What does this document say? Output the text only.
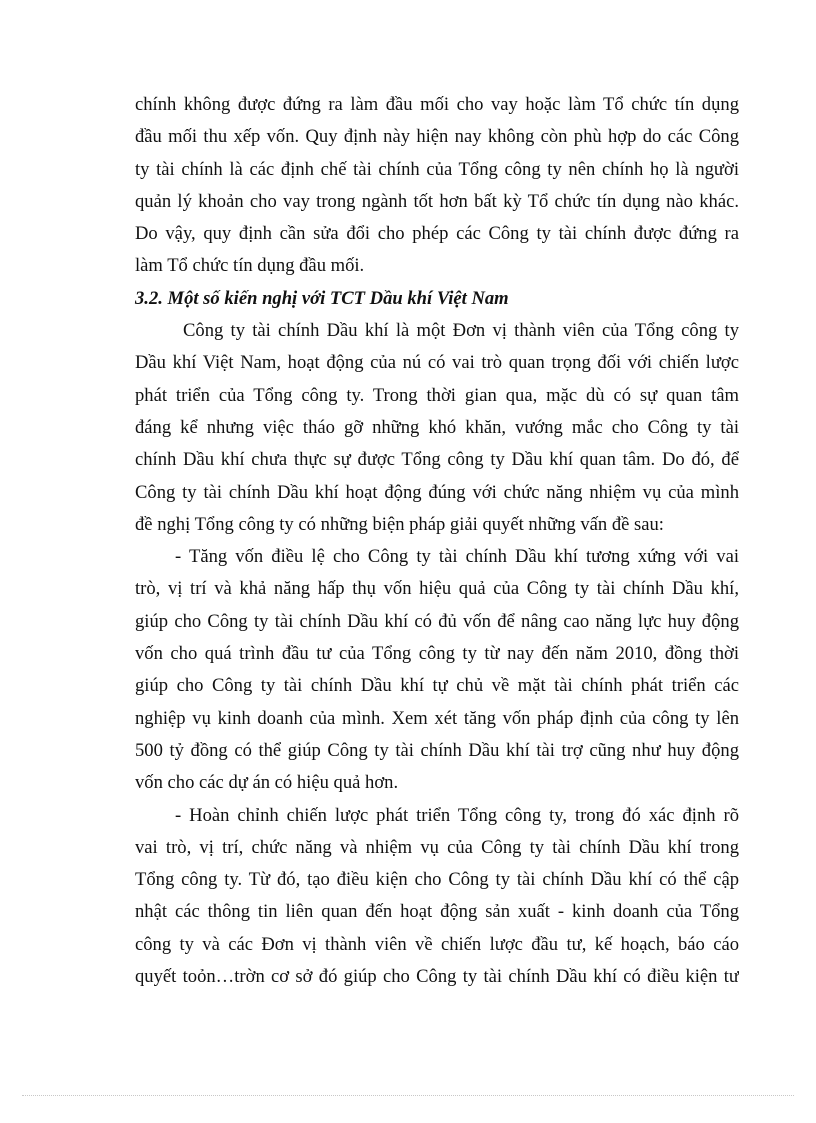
chính không được đứng ra làm đầu mối cho vay hoặc làm Tổ chức tín dụng
đầu mối thu xếp vốn. Quy định này hiện nay không còn phù hợp do các Công
ty tài chính là các định chế tài chính của Tổng công ty nên chính họ là người
quản lý khoản cho vay trong ngành tốt hơn bất kỳ Tổ chức tín dụng nào khác.
Do vậy, quy định cần sửa đổi cho phép các Công ty tài chính được đứng ra
làm Tổ chức tín dụng đầu mối.
3.2. Một số kiến nghị với TCT Dầu khí Việt Nam
Công ty tài chính Dầu khí là một Đơn vị thành viên của Tổng công ty
Dầu khí Việt Nam, hoạt động của nú có vai trò quan trọng đối với chiến lược
phát triển của Tổng công ty. Trong thời gian qua, mặc dù có sự quan tâm
đáng kể nhưng việc tháo gỡ những khó khăn, vướng mắc cho Công ty tài
chính Dầu khí chưa thực sự được Tổng công ty Dầu khí quan tâm. Do đó, để
Công ty tài chính Dầu khí hoạt động đúng với chức năng nhiệm vụ của mình
đề nghị Tổng công ty có những biện pháp giải quyết những vấn đề sau:
- Tăng vốn điều lệ cho Công ty tài chính Dầu khí tương xứng với vai
trò, vị trí và khả năng hấp thụ vốn hiệu quả của Công ty tài chính Dầu khí,
giúp cho Công ty tài chính Dầu khí có đủ vốn để nâng cao năng lực huy động
vốn cho quá trình đầu tư của Tổng công ty từ nay đến năm 2010, đồng thời
giúp cho Công ty tài chính Dầu khí tự chủ về mặt tài chính phát triển các
nghiệp vụ kinh doanh của mình. Xem xét tăng vốn pháp định của công ty lên
500 tỷ đồng có thể giúp Công ty tài chính Dầu khí tài trợ cũng như huy động
vốn cho các dự án có hiệu quả hơn.
- Hoàn chỉnh chiến lược phát triển Tổng công ty, trong đó xác định rõ
vai trò, vị trí, chức năng và nhiệm vụ của Công ty tài chính Dầu khí trong
Tổng công ty. Từ đó, tạo điều kiện cho Công ty tài chính Dầu khí có thể cập
nhật các thông tin liên quan đến hoạt động sản xuất - kinh doanh của Tổng
công ty và các Đơn vị thành viên về chiến lược đầu tư, kế hoạch, báo cáo
quyết toỏn…trờn cơ sở đó giúp cho Công ty tài chính Dầu khí có điều kiện tư
